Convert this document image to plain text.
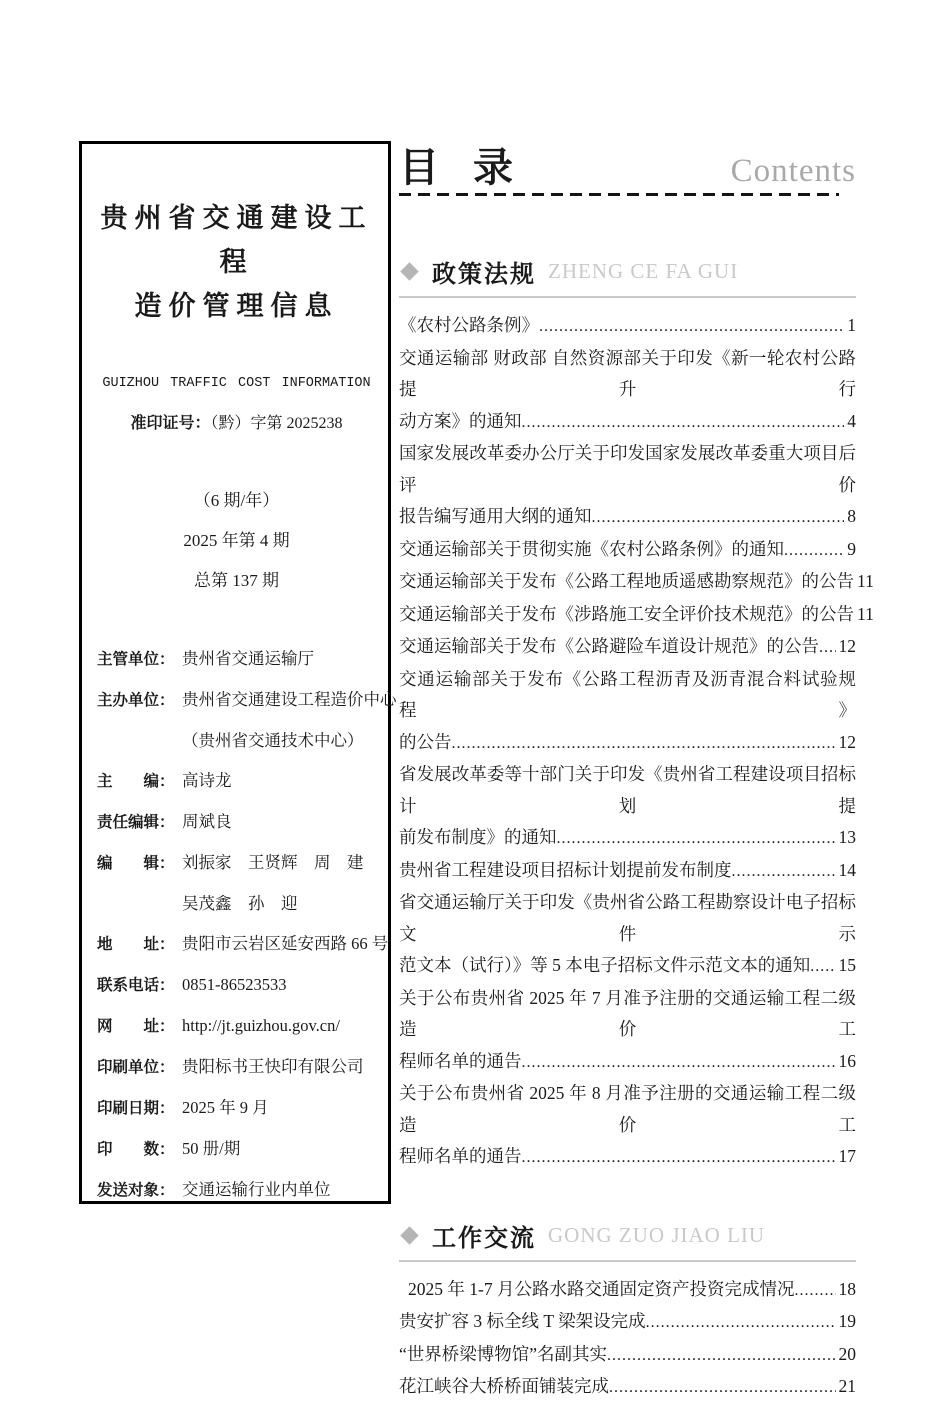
贵州省交通建设工程
造价管理信息
GUIZHOU TRAFFIC COST INFORMATION
准印证号：（黔）字第 2025238
（6 期/年）
2025 年第 4 期
总第 137 期
主管单位： 贵州省交通运输厅
主办单位： 贵州省交通建设工程造价中心
（贵州省交通技术中心）
主　　编： 高诗龙
责任编辑： 周斌良
编　　辑： 刘振家　王贤辉　周　建
吴茂鑫　孙　迎
地　　址： 贵阳市云岩区延安西路 66 号
联系电话： 0851-86523533
网　　址： http://jt.guizhou.gov.cn/
印刷单位： 贵阳标书王快印有限公司
印刷日期： 2025 年 9 月
印　　数： 50 册/期
发送对象： 交通运输行业内单位
目 录	Contents
政策法规 ZHENG CE FA GUI
《农村公路条例》 .....	1
交通运输部 财政部 自然资源部关于印发《新一轮农村公路提升行
动方案》的通知 .....	4
国家发展改革委办公厅关于印发国家发展改革委重大项目后评价
报告编写通用大纲的通知 .....	8
交通运输部关于贯彻实施《农村公路条例》的通知 .....	9
交通运输部关于发布《公路工程地质遥感勘察规范》的公告 11
交通运输部关于发布《涉路施工安全评价技术规范》的公告 11
交通运输部关于发布《公路避险车道设计规范》的公告 ..... 12
交通运输部关于发布《公路工程沥青及沥青混合料试验规程》
的公告 .....	12
省发展改革委等十部门关于印发《贵州省工程建设项目招标计划提
前发布制度》的通知 .....	13
贵州省工程建设项目招标计划提前发布制度 .....	14
省交通运输厅关于印发《贵州省公路工程勘察设计电子招标文件示
范文本（试行）》等 5 本电子招标文件示范文本的通知 ..... 15
关于公布贵州省 2025 年 7 月准予注册的交通运输工程二级造价工
程师名单的通告 .....	16
关于公布贵州省 2025 年 8 月准予注册的交通运输工程二级造价工
程师名单的通告 .....	17
工作交流 GONG ZUO JIAO LIU
2025 年 1-7 月公路水路交通固定资产投资完成情况 .....	18
贵安扩容 3 标全线 T 梁架设完成 .....	19
“世界桥梁博物馆”名副其实 .....	20
花江峡谷大桥桥面铺装完成 .....	21
